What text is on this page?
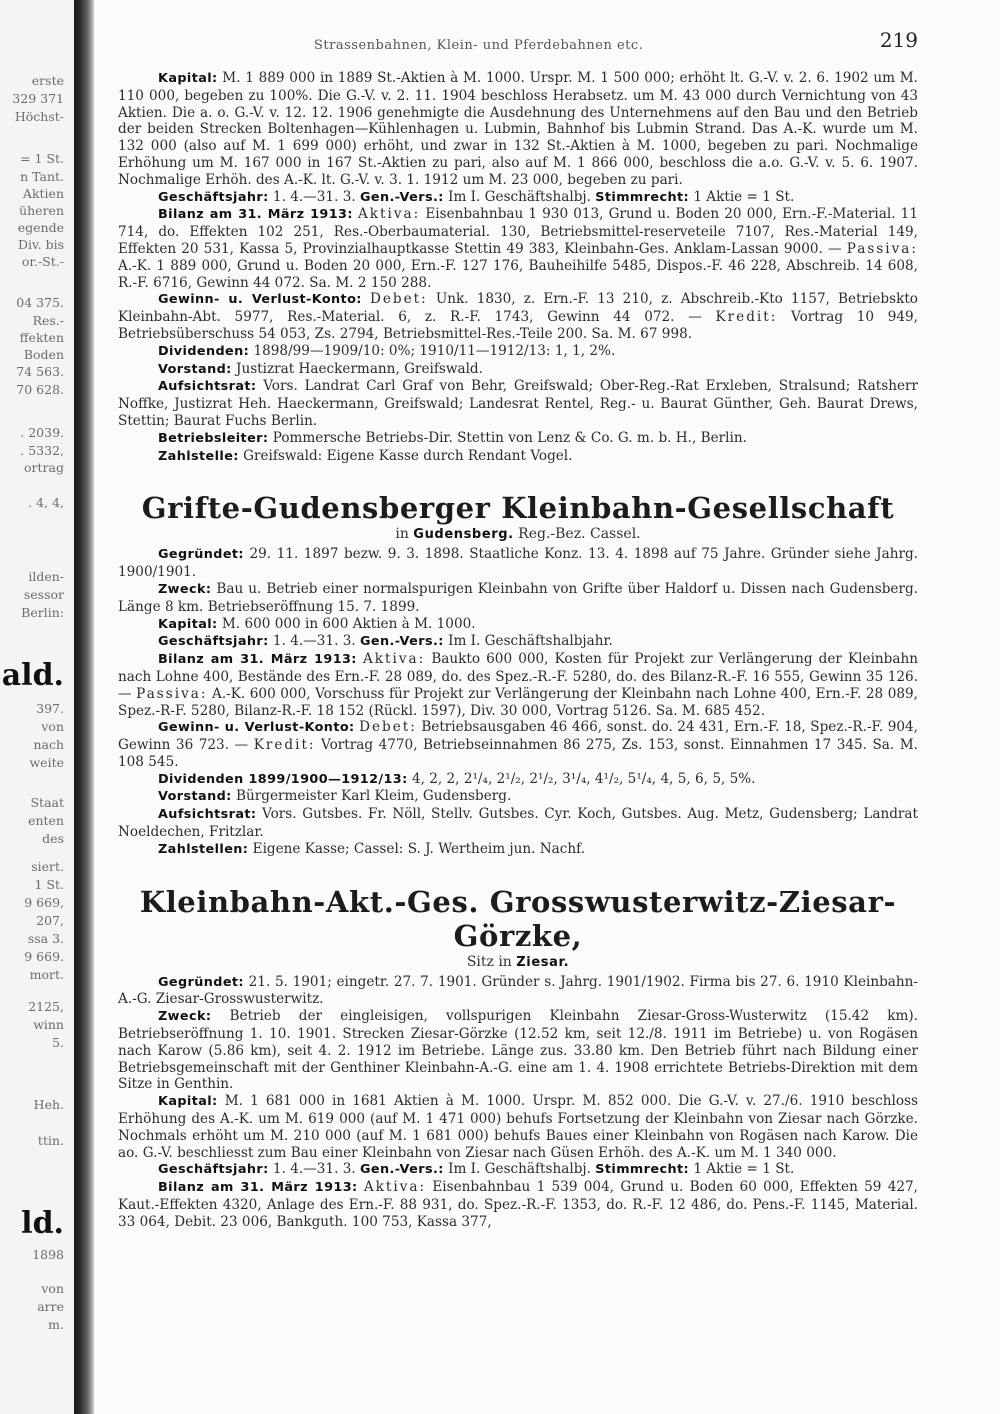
erste
329 371
Höchst-
= 1 St.
n Tant.
Aktien
üheren
egende
Div. bis
or.-St.-
04 375.
Res.-
ffekten
Boden
74 563.
70 628.
. 2039.
. 5332,
ortrag
. 4, 4,
ilden-
sessor
Berlin:
ald.
397.
von
nach
weite
Staat
enten
des
siert.
1 St.
9 669,
207,
ssa 3.
9 669.
mort.
2125,
winn
5.
Heh.
ttin.
ld.
1898
von
arre
m.
Strassenbahnen, Klein- und Pferdebahnen etc.	219

Kapital: M. 1 889 000 in 1889 St.-Aktien à M. 1000. Urspr. M. 1 500 000; erhöht lt. G.-V. v. 2. 6. 1902 um M. 110 000, begeben zu 100%. Die G.-V. v. 2. 11. 1904 beschloss Herabsetz. um M. 43 000 durch Vernichtung von 43 Aktien. Die a. o. G.-V. v. 12. 12. 1906 genehmigte die Ausdehnung des Unternehmens auf den Bau und den Betrieb der beiden Strecken Boltenhagen—Kühlenhagen u. Lubmin, Bahnhof bis Lubmin Strand. Das A.-K. wurde um M. 132 000 (also auf M. 1 699 000) erhöht, und zwar in 132 St.-Aktien à M. 1000, begeben zu pari. Nochmalige Erhöhung um M. 167 000 in 167 St.-Aktien zu pari, also auf M. 1 866 000, beschloss die a.o. G.-V. v. 5. 6. 1907. Nochmalige Erhöh. des A.-K. lt. G.-V. v. 3. 1. 1912 um M. 23 000, begeben zu pari.

Geschäftsjahr: 1. 4.—31. 3. Gen.-Vers.: Im I. Geschäftshalbj. Stimmrecht: 1 Aktie = 1 St.

Bilanz am 31. März 1913: Aktiva: Eisenbahnbau 1 930 013, Grund u. Boden 20 000, Ern.-F.-Material. 11 714, do. Effekten 102 251, Res.-Oberbaumaterial. 130, Betriebsmittel-reserveteile 7107, Res.-Material 149, Effekten 20 531, Kassa 5, Provinzialhauptkasse Stettin 49 383, Kleinbahn-Ges. Anklam-Lassan 9000. — Passiva: A.-K. 1 889 000, Grund u. Boden 20 000, Ern.-F. 127 176, Bauheihilfe 5485, Dispos.-F. 46 228, Abschreib. 14 608, R.-F. 6716, Gewinn 44 072. Sa. M. 2 150 288.

Gewinn- u. Verlust-Konto: Debet: Unk. 1830, z. Ern.-F. 13 210, z. Abschreib.-Kto 1157, Betriebskto Kleinbahn-Abt. 5977, Res.-Material. 6, z. R.-F. 1743, Gewinn 44 072. — Kredit: Vortrag 10 949, Betriebsüberschuss 54 053, Zs. 2794, Betriebsmittel-Res.-Teile 200. Sa. M. 67 998.

Dividenden: 1898/99—1909/10: 0%; 1910/11—1912/13: 1, 1, 2%.

Vorstand: Justizrat Haeckermann, Greifswald.

Aufsichtsrat: Vors. Landrat Carl Graf von Behr, Greifswald; Ober-Reg.-Rat Erxleben, Stralsund; Ratsherr Noffke, Justizrat Heh. Haeckermann, Greifswald; Landesrat Rentel, Reg.- u. Baurat Günther, Geh. Baurat Drews, Stettin; Baurat Fuchs Berlin.

Betriebsleiter: Pommersche Betriebs-Dir. Stettin von Lenz & Co. G. m. b. H., Berlin.

Zahlstelle: Greifswald: Eigene Kasse durch Rendant Vogel.

Grifte-Gudensberger Kleinbahn-Gesellschaft
in Gudensberg. Reg.-Bez. Cassel.

Gegründet: 29. 11. 1897 bezw. 9. 3. 1898. Staatliche Konz. 13. 4. 1898 auf 75 Jahre. Gründer siehe Jahrg. 1900/1901.

Zweck: Bau u. Betrieb einer normalspurigen Kleinbahn von Grifte über Haldorf u. Dissen nach Gudensberg. Länge 8 km. Betriebseröffnung 15. 7. 1899.

Kapital: M. 600 000 in 600 Aktien à M. 1000.

Geschäftsjahr: 1. 4.—31. 3. Gen.-Vers.: Im I. Geschäftshalbjahr.

Bilanz am 31. März 1913: Aktiva: Baukto 600 000, Kosten für Projekt zur Verlängerung der Kleinbahn nach Lohne 400, Bestände des Ern.-F. 28 089, do. des Spez.-R.-F. 5280, do. des Bilanz-R.-F. 16 555, Gewinn 35 126. — Passiva: A.-K. 600 000, Vorschuss für Projekt zur Verlängerung der Kleinbahn nach Lohne 400, Ern.-F. 28 089, Spez.-R-F. 5280, Bilanz-R.-F. 18 152 (Rückl. 1597), Div. 30 000, Vortrag 5126. Sa. M. 685 452.

Gewinn- u. Verlust-Konto: Debet: Betriebsausgaben 46 466, sonst. do. 24 431, Ern.-F. 18, Spez.-R.-F. 904, Gewinn 36 723. — Kredit: Vortrag 4770, Betriebseinnahmen 86 275, Zs. 153, sonst. Einnahmen 17 345. Sa. M. 108 545.

Dividenden 1899/1900—1912/13: 4, 2, 2, 2¹/₄, 2¹/₂, 2¹/₂, 3¹/₄, 4¹/₂, 5¹/₄, 4, 5, 6, 5, 5%.

Vorstand: Bürgermeister Karl Kleim, Gudensberg.

Aufsichtsrat: Vors. Gutsbes. Fr. Nöll, Stellv. Gutsbes. Cyr. Koch, Gutsbes. Aug. Metz, Gudensberg; Landrat Noeldechen, Fritzlar.

Zahlstellen: Eigene Kasse; Cassel: S. J. Wertheim jun. Nachf.

Kleinbahn-Akt.-Ges. Grosswusterwitz-Ziesar-Görzke,
Sitz in Ziesar.

Gegründet: 21. 5. 1901; eingetr. 27. 7. 1901. Gründer s. Jahrg. 1901/1902. Firma bis 27. 6. 1910 Kleinbahn-A.-G. Ziesar-Grosswusterwitz.

Zweck: Betrieb der eingleisigen, vollspurigen Kleinbahn Ziesar-Gross-Wusterwitz (15.42 km). Betriebseröffnung 1. 10. 1901. Strecken Ziesar-Görzke (12.52 km, seit 12./8. 1911 im Betriebe) u. von Rogäsen nach Karow (5.86 km), seit 4. 2. 1912 im Betriebe. Länge zus. 33.80 km. Den Betrieb führt nach Bildung einer Betriebsgemeinschaft mit der Genthiner Kleinbahn-A.-G. eine am 1. 4. 1908 errichtete Betriebs-Direktion mit dem Sitze in Genthin.

Kapital: M. 1 681 000 in 1681 Aktien à M. 1000. Urspr. M. 852 000. Die G.-V. v. 27./6. 1910 beschloss Erhöhung des A.-K. um M. 619 000 (auf M. 1 471 000) behufs Fortsetzung der Kleinbahn von Ziesar nach Görzke. Nochmals erhöht um M. 210 000 (auf M. 1 681 000) behufs Baues einer Kleinbahn von Rogäsen nach Karow. Die ao. G.-V. beschliesst zum Bau einer Kleinbahn von Ziesar nach Güsen Erhöh. des A.-K. um M. 1 340 000.

Geschäftsjahr: 1. 4.—31. 3. Gen.-Vers.: Im I. Geschäftshalbj. Stimmrecht: 1 Aktie = 1 St.

Bilanz am 31. März 1913: Aktiva: Eisenbahnbau 1 539 004, Grund u. Boden 60 000, Effekten 59 427, Kaut.-Effekten 4320, Anlage des Ern.-F. 88 931, do. Spez.-R.-F. 1353, do. R.-F. 12 486, do. Pens.-F. 1145, Material. 33 064, Debit. 23 006, Bankguth. 100 753, Kassa 377,
